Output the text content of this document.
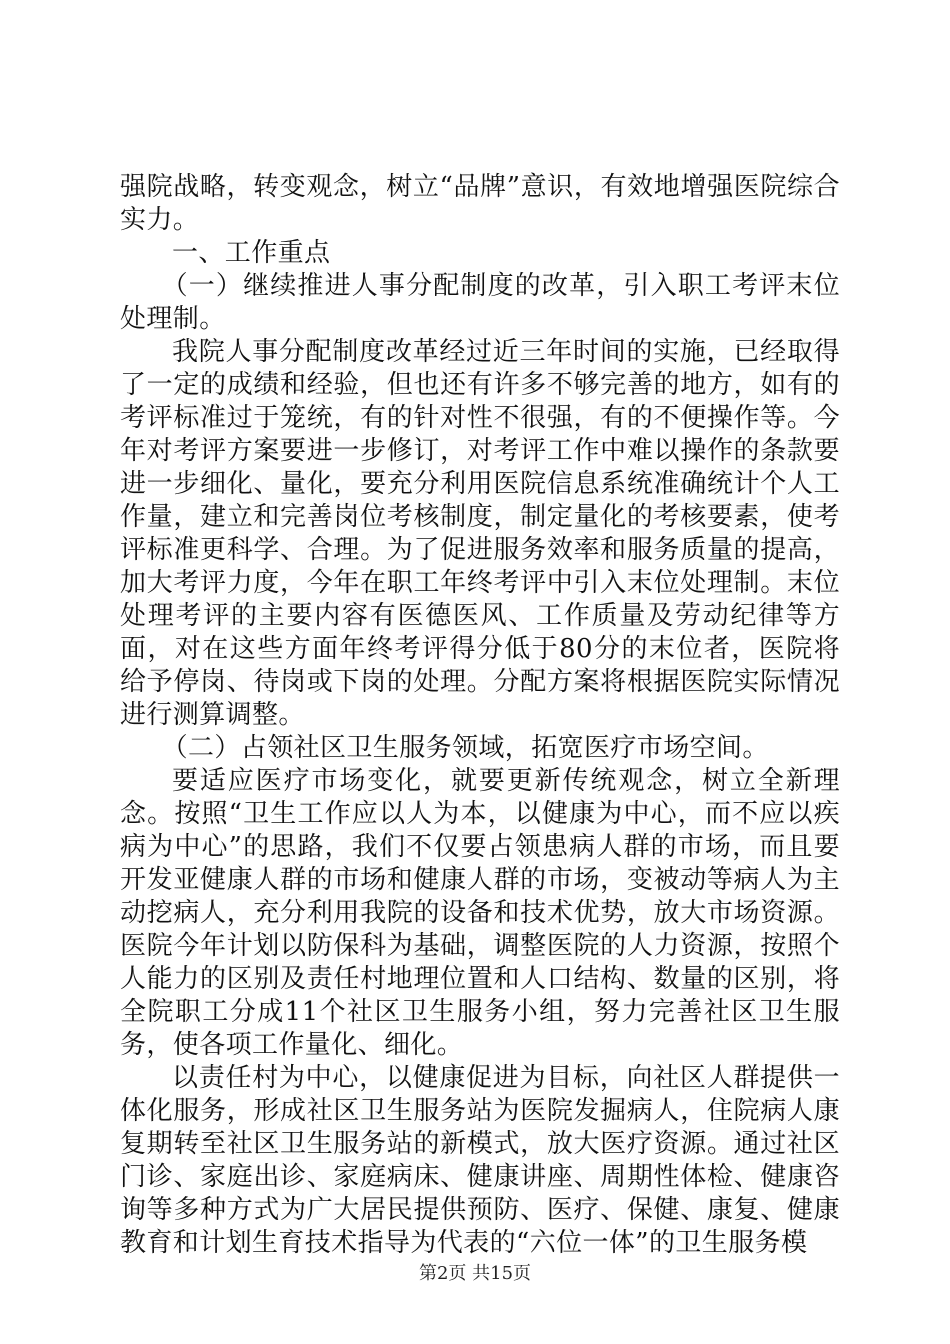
强院战略，转变观念，树立“品牌”意识，有效地增强医院综合实力。

一、工作重点

（一）继续推进人事分配制度的改革，引入职工考评末位处理制。

我院人事分配制度改革经过近三年时间的实施，已经取得了一定的成绩和经验，但也还有许多不够完善的地方，如有的考评标准过于笼统，有的针对性不很强，有的不便操作等。今年对考评方案要进一步修订，对考评工作中难以操作的条款要进一步细化、量化，要充分利用医院信息系统准确统计个人工作量，建立和完善岗位考核制度，制定量化的考核要素，使考评标准更科学、合理。为了促进服务效率和服务质量的提高，加大考评力度，今年在职工年终考评中引入末位处理制。末位处理考评的主要内容有医德医风、工作质量及劳动纪律等方面，对在这些方面年终考评得分低于80分的末位者，医院将给予停岗、待岗或下岗的处理。分配方案将根据医院实际情况进行测算调整。

（二）占领社区卫生服务领域，拓宽医疗市场空间。

要适应医疗市场变化，就要更新传统观念，树立全新理念。按照“卫生工作应以人为本，以健康为中心，而不应以疾病为中心”的思路，我们不仅要占领患病人群的市场，而且要开发亚健康人群的市场和健康人群的市场，变被动等病人为主动挖病人，充分利用我院的设备和技术优势，放大市场资源。医院今年计划以防保科为基础，调整医院的人力资源，按照个人能力的区别及责任村地理位置和人口结构、数量的区别，将全院职工分成11个社区卫生服务小组，努力完善社区卫生服务，使各项工作量化、细化。

以责任村为中心，以健康促进为目标，向社区人群提供一体化服务，形成社区卫生服务站为医院发掘病人，住院病人康复期转至社区卫生服务站的新模式，放大医疗资源。通过社区门诊、家庭出诊、家庭病床、健康讲座、周期性体检、健康咨询等多种方式为广大居民提供预防、医疗、保健、康复、健康教育和计划生育技术指导为代表的“六位一体”的卫生服务模

第2页 共15页
